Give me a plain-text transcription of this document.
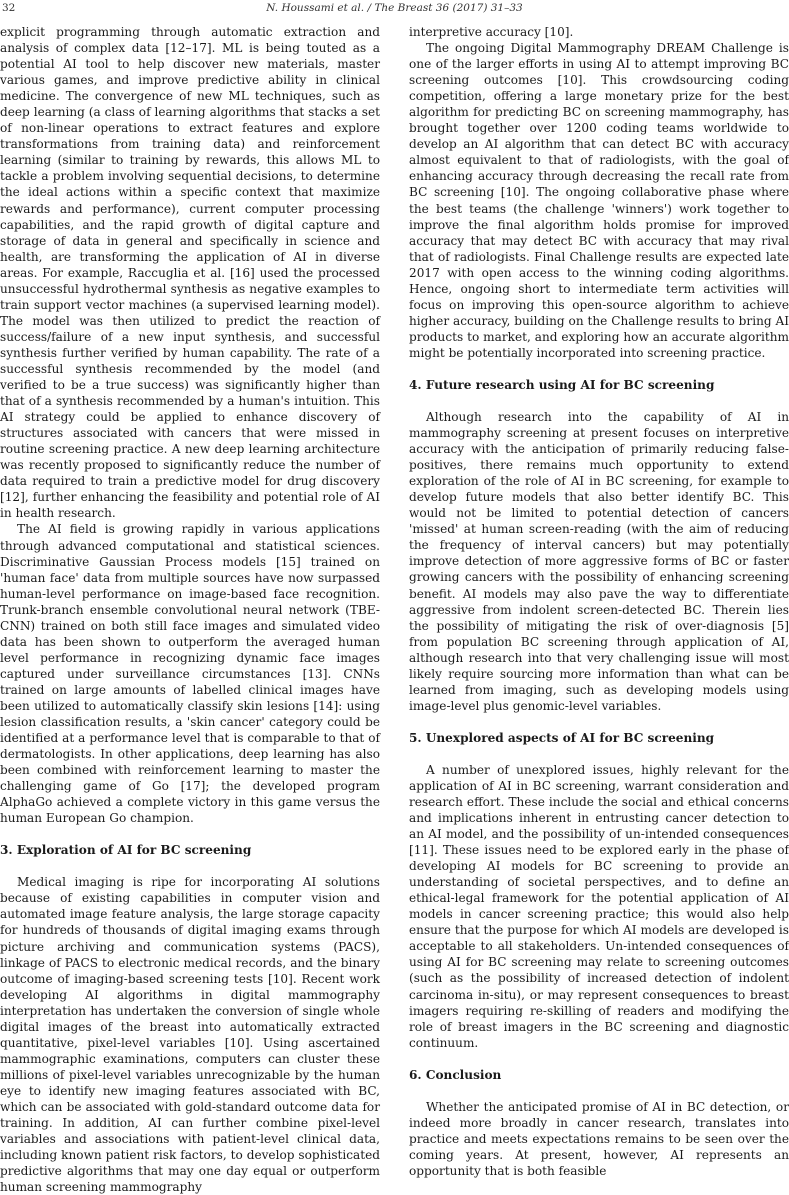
32	N. Houssami et al. / The Breast 36 (2017) 31–33

explicit programming through automatic extraction and analysis of complex data [12–17]. ML is being touted as a potential AI tool to help discover new materials, master various games, and improve predictive ability in clinical medicine. The convergence of new ML techniques, such as deep learning (a class of learning algorithms that stacks a set of non-linear operations to extract features and explore transformations from training data) and reinforcement learning (similar to training by rewards, this allows ML to tackle a problem involving sequential decisions, to determine the ideal actions within a specific context that maximize rewards and performance), current computer processing capabilities, and the rapid growth of digital capture and storage of data in general and specifically in science and health, are transforming the application of AI in diverse areas. For example, Raccuglia et al. [16] used the processed unsuccessful hydrothermal synthesis as negative examples to train support vector machines (a supervised learning model). The model was then utilized to predict the reaction of success/failure of a new input synthesis, and successful synthesis further verified by human capability. The rate of a successful synthesis recommended by the model (and verified to be a true success) was significantly higher than that of a synthesis recommended by a human's intuition. This AI strategy could be applied to enhance discovery of structures associated with cancers that were missed in routine screening practice. A new deep learning architecture was recently proposed to significantly reduce the number of data required to train a predictive model for drug discovery [12], further enhancing the feasibility and potential role of AI in health research.

The AI field is growing rapidly in various applications through advanced computational and statistical sciences. Discriminative Gaussian Process models [15] trained on 'human face' data from multiple sources have now surpassed human-level performance on image-based face recognition. Trunk-branch ensemble convolutional neural network (TBE-CNN) trained on both still face images and simulated video data has been shown to outperform the averaged human level performance in recognizing dynamic face images captured under surveillance circumstances [13]. CNNs trained on large amounts of labelled clinical images have been utilized to automatically classify skin lesions [14]: using lesion classification results, a 'skin cancer' category could be identified at a performance level that is comparable to that of dermatologists. In other applications, deep learning has also been combined with reinforcement learning to master the challenging game of Go [17]; the developed program AlphaGo achieved a complete victory in this game versus the human European Go champion.

3. Exploration of AI for BC screening

Medical imaging is ripe for incorporating AI solutions because of existing capabilities in computer vision and automated image feature analysis, the large storage capacity for hundreds of thousands of digital imaging exams through picture archiving and communication systems (PACS), linkage of PACS to electronic medical records, and the binary outcome of imaging-based screening tests [10]. Recent work developing AI algorithms in digital mammography interpretation has undertaken the conversion of single whole digital images of the breast into automatically extracted quantitative, pixel-level variables [10]. Using ascertained mammographic examinations, computers can cluster these millions of pixel-level variables unrecognizable by the human eye to identify new imaging features associated with BC, which can be associated with gold-standard outcome data for training. In addition, AI can further combine pixel-level variables and associations with patient-level clinical data, including known patient risk factors, to develop sophisticated predictive algorithms that may one day equal or outperform human screening mammography

interpretive accuracy [10].

The ongoing Digital Mammography DREAM Challenge is one of the larger efforts in using AI to attempt improving BC screening outcomes [10]. This crowdsourcing coding competition, offering a large monetary prize for the best algorithm for predicting BC on screening mammography, has brought together over 1200 coding teams worldwide to develop an AI algorithm that can detect BC with accuracy almost equivalent to that of radiologists, with the goal of enhancing accuracy through decreasing the recall rate from BC screening [10]. The ongoing collaborative phase where the best teams (the challenge 'winners') work together to improve the final algorithm holds promise for improved accuracy that may detect BC with accuracy that may rival that of radiologists. Final Challenge results are expected late 2017 with open access to the winning coding algorithms. Hence, ongoing short to intermediate term activities will focus on improving this open-source algorithm to achieve higher accuracy, building on the Challenge results to bring AI products to market, and exploring how an accurate algorithm might be potentially incorporated into screening practice.

4. Future research using AI for BC screening

Although research into the capability of AI in mammography screening at present focuses on interpretive accuracy with the anticipation of primarily reducing false-positives, there remains much opportunity to extend exploration of the role of AI in BC screening, for example to develop future models that also better identify BC. This would not be limited to potential detection of cancers 'missed' at human screen-reading (with the aim of reducing the frequency of interval cancers) but may potentially improve detection of more aggressive forms of BC or faster growing cancers with the possibility of enhancing screening benefit. AI models may also pave the way to differentiate aggressive from indolent screen-detected BC. Therein lies the possibility of mitigating the risk of over-diagnosis [5] from population BC screening through application of AI, although research into that very challenging issue will most likely require sourcing more information than what can be learned from imaging, such as developing models using image-level plus genomic-level variables.

5. Unexplored aspects of AI for BC screening

A number of unexplored issues, highly relevant for the application of AI in BC screening, warrant consideration and research effort. These include the social and ethical concerns and implications inherent in entrusting cancer detection to an AI model, and the possibility of un-intended consequences [11]. These issues need to be explored early in the phase of developing AI models for BC screening to provide an understanding of societal perspectives, and to define an ethical-legal framework for the potential application of AI models in cancer screening practice; this would also help ensure that the purpose for which AI models are developed is acceptable to all stakeholders. Un-intended consequences of using AI for BC screening may relate to screening outcomes (such as the possibility of increased detection of indolent carcinoma in-situ), or may represent consequences to breast imagers requiring re-skilling of readers and modifying the role of breast imagers in the BC screening and diagnostic continuum.

6. Conclusion

Whether the anticipated promise of AI in BC detection, or indeed more broadly in cancer research, translates into practice and meets expectations remains to be seen over the coming years. At present, however, AI represents an opportunity that is both feasible
